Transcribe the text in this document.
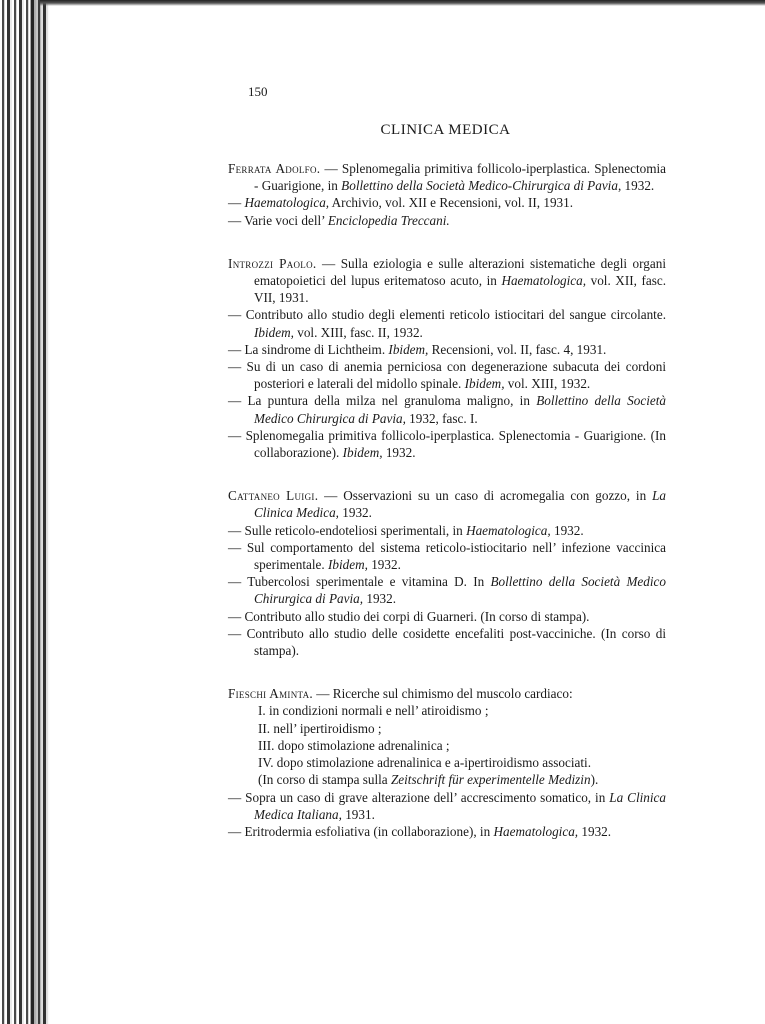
150
CLINICA MEDICA
Ferrata Adolfo. — Splenomegalia primitiva follicolo-iperplastica. Splenectomia - Guarigione, in Bollettino della Società Medico-Chirurgica di Pavia, 1932.
— Haematologica, Archivio, vol. XII e Recensioni, vol. II, 1931.
— Varie voci dell’ Enciclopedia Treccani.
Introzzi Paolo. — Sulla eziologia e sulle alterazioni sistematiche degli organi ematopoietici del lupus eritematoso acuto, in Haematologica, vol. XII, fasc. VII, 1931.
— Contributo allo studio degli elementi reticolo istiocitari del sangue circolante. Ibidem, vol. XIII, fasc. II, 1932.
— La sindrome di Lichtheim. Ibidem, Recensioni, vol. II, fasc. 4, 1931.
— Su di un caso di anemia perniciosa con degenerazione subacuta dei cordoni posteriori e laterali del midollo spinale. Ibidem, vol. XIII, 1932.
— La puntura della milza nel granuloma maligno, in Bollettino della Società Medico Chirurgica di Pavia, 1932, fasc. I.
— Splenomegalia primitiva follicolo-iperplastica. Splenectomia - Guarigione. (In collaborazione). Ibidem, 1932.
Cattaneo Luigi. — Osservazioni su un caso di acromegalia con gozzo, in La Clinica Medica, 1932.
— Sulle reticolo-endoteliosi sperimentali, in Haematologica, 1932.
— Sul comportamento del sistema reticolo-istiocitario nell’ infezione vaccinica sperimentale. Ibidem, 1932.
— Tubercolosi sperimentale e vitamina D. In Bollettino della Società Medico Chirurgica di Pavia, 1932.
— Contributo allo studio dei corpi di Guarneri. (In corso di stampa).
— Contributo allo studio delle cosidette encefaliti post-vacciniche. (In corso di stampa).
Fieschi Aminta. — Ricerche sul chimismo del muscolo cardiaco:
I. in condizioni normali e nell’ atiroidismo ;
II. nell’ ipertiroidismo ;
III. dopo stimolazione adrenalinica ;
IV. dopo stimolazione adrenalinica e a-ipertiroidismo associati.
(In corso di stampa sulla Zeitschrift für experimentelle Medizin).
— Sopra un caso di grave alterazione dell’ accrescimento somatico, in La Clinica Medica Italiana, 1931.
— Eritrodermia esfoliativa (in collaborazione), in Haematologica, 1932.
